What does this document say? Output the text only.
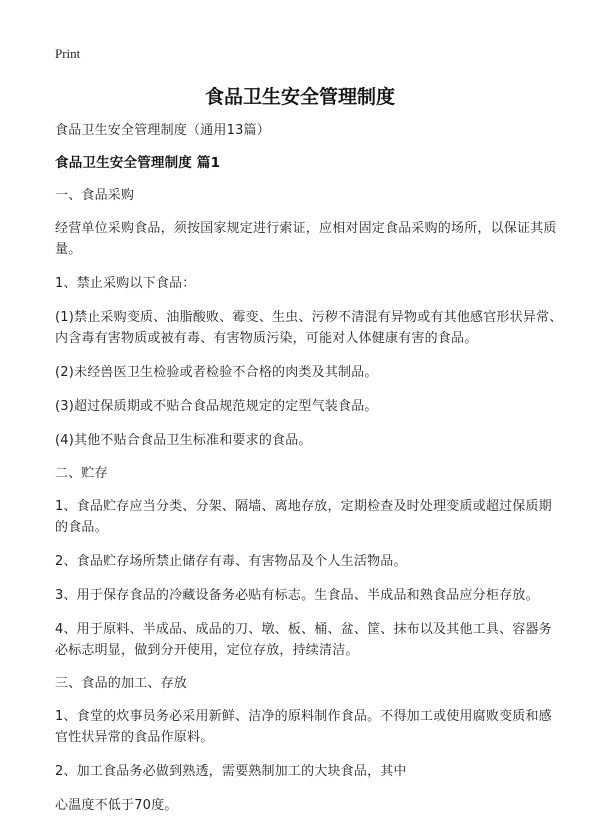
Print
食品卫生安全管理制度

食品卫生安全管理制度（通用13篇）

食品卫生安全管理制度 篇1

一、食品采购

经营单位采购食品，须按国家规定进行索证，应相对固定食品采购的场所，以保证其质量。

1、禁止采购以下食品：

(1)禁止采购变质、油脂酸败、霉变、生虫、污秽不清混有异物或有其他感官形状异常、内含毒有害物质或被有毒、有害物质污染，可能对人体健康有害的食品。

(2)未经兽医卫生检验或者检验不合格的肉类及其制品。

(3)超过保质期或不贴合食品规范规定的定型气装食品。

(4)其他不贴合食品卫生标准和要求的食品。

二、贮存

1、食品贮存应当分类、分架、隔墙、离地存放，定期检查及时处理变质或超过保质期的食品。

2、食品贮存场所禁止储存有毒、有害物品及个人生活物品。

3、用于保存食品的冷藏设备务必贴有标志。生食品、半成品和熟食品应分柜存放。

4、用于原料、半成品、成品的刀、墩、板、桶、盆、筐、抹布以及其他工具、容器务必标志明显，做到分开使用，定位存放，持续清洁。

三、食品的加工、存放

1、食堂的炊事员务必采用新鲜、洁净的原料制作食品。不得加工或使用腐败变质和感官性状异常的食品作原料。

2、加工食品务必做到熟透，需要熟制加工的大块食品，其中

心温度不低于70度。
